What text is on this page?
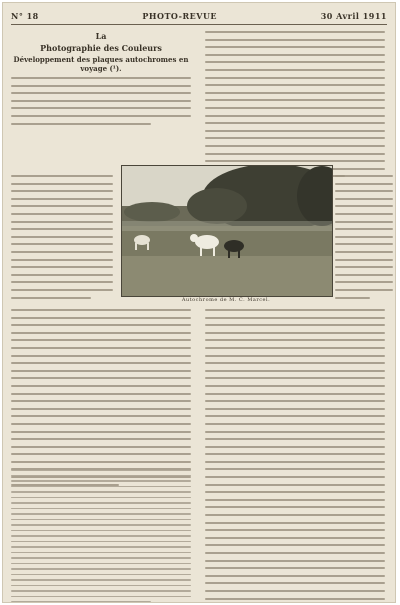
N° 18	PHOTO-REVUE	30 Avril 1911
La
Photographie des Couleurs
Développement des plaques autochromes en voyage (¹).
Autochrome de M. C. Marcel.
